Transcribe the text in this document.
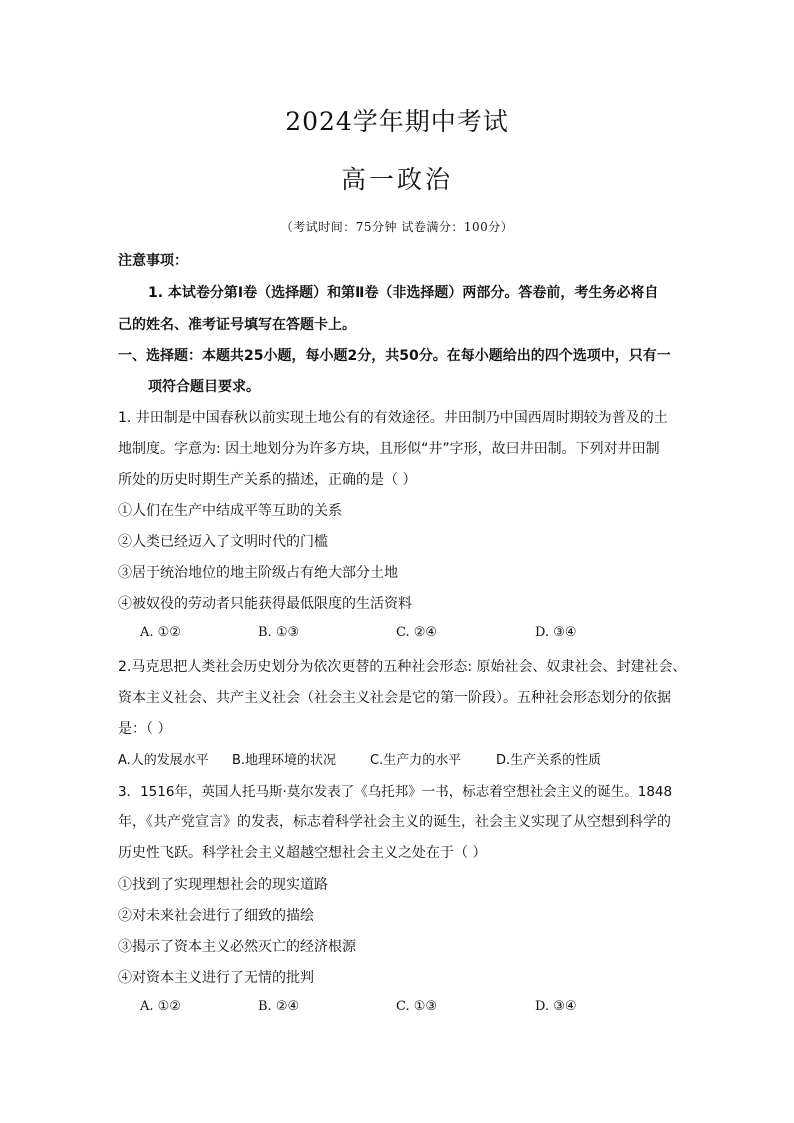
2024学年期中考试
高一政治
（考试时间：75分钟 试卷满分：100分）
注意事项：
1. 本试卷分第Ⅰ卷（选择题）和第Ⅱ卷（非选择题）两部分。答卷前，考生务必将自
己的姓名、准考证号填写在答题卡上。
一、选择题：本题共25小题，每小题2分，共50分。在每小题给出的四个选项中，只有一
项符合题目要求。
1. 井田制是中国春秋以前实现土地公有的有效途径。井田制乃中国西周时期较为普及的土
地制度。字意为: 因土地划分为许多方块，且形似“井”字形，故曰井田制。下列对井田制
所处的历史时期生产关系的描述，正确的是（ ）
①人们在生产中结成平等互助的关系
②人类已经迈入了文明时代的门槛
③居于统治地位的地主阶级占有绝大部分土地
④被奴役的劳动者只能获得最低限度的生活资料
A. ①②	B. ①③	C. ②④	D. ③④
2.马克思把人类社会历史划分为依次更替的五种社会形态: 原始社会、奴隶社会、封建社会、
资本主义社会、共产主义社会（社会主义社会是它的第一阶段）。五种社会形态划分的依据
是：（ ）
A.人的发展水平 B.地理环境的状况	C.生产力的水平	D.生产关系的性质
3．1516年，英国人托马斯·莫尔发表了《乌托邦》一书，标志着空想社会主义的诞生。1848
年，《共产党宣言》的发表，标志着科学社会主义的诞生，社会主义实现了从空想到科学的
历史性飞跃。科学社会主义超越空想社会主义之处在于（ ）
①找到了实现理想社会的现实道路
②对未来社会进行了细致的描绘
③揭示了资本主义必然灭亡的经济根源
④对资本主义进行了无情的批判
A. ①②	B. ②④	C. ①③	D. ③④
